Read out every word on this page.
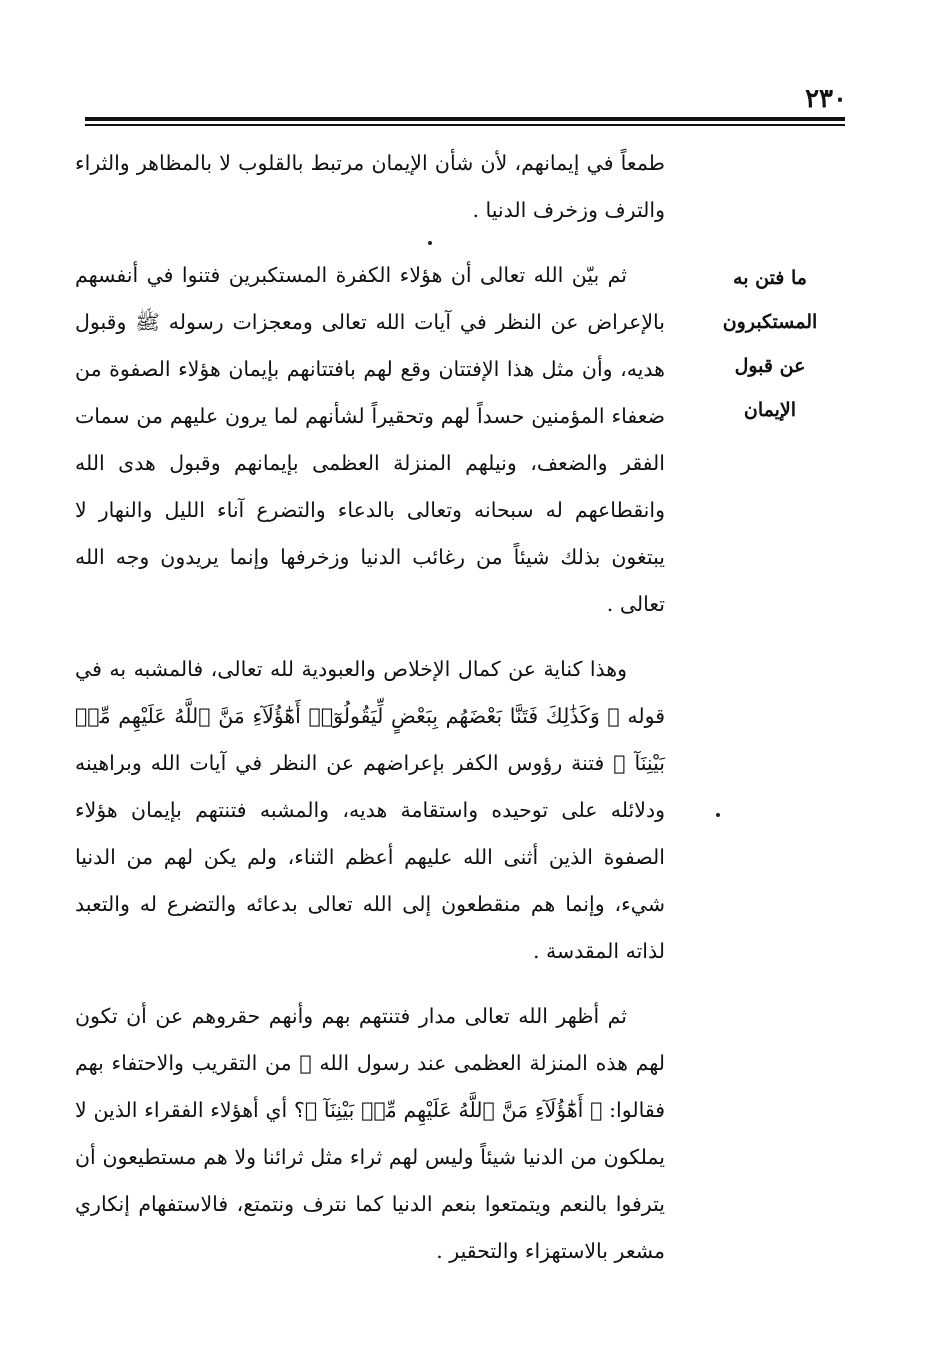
٢٣٠
ما فتن به
المستكبرون
عن قبول
الإيمان

طمعاً في إيمانهم، لأن شأن الإيمان مرتبط بالقلوب لا بالمظاهر والثراء والترف وزخرف الدنيا .

ثم بيّن الله تعالى أن هؤلاء الكفرة المستكبرين فتنوا في أنفسهم بالإعراض عن النظر في آيات الله تعالى ومعجزات رسوله ﷺ وقبول هديه، وأن مثل هذا الإفتتان وقع لهم بافتتانهم بإيمان هؤلاء الصفوة من ضعفاء المؤمنين حسداً لهم وتحقيراً لشأنهم لما يرون عليهم من سمات الفقر والضعف، ونيلهم المنزلة العظمى بإيمانهم وقبول هدى الله وانقطاعهم له سبحانه وتعالى بالدعاء والتضرع آناء الليل والنهار لا يبتغون بذلك شيئاً من رغائب الدنيا وزخرفها وإنما يريدون وجه الله تعالى .

وهذا كناية عن كمال الإخلاص والعبودية لله تعالى، فالمشبه به في قوله ﴿ وَكَذَٰلِكَ فَتَنَّا بَعْضَهُم بِبَعْضٍ لِّيَقُولُوٓا۟ أَهَٰٓؤُلَآءِ مَنَّ ٱللَّهُ عَلَيْهِم مِّنۢ بَيْنِنَآ ﴾ فتنة رؤوس الكفر بإعراضهم عن النظر في آيات الله وبراهينه ودلائله على توحيده واستقامة هديه، والمشبه فتنتهم بإيمان هؤلاء الصفوة الذين أثنى الله عليهم أعظم الثناء، ولم يكن لهم من الدنيا شيء، وإنما هم منقطعون إلى الله تعالى بدعائه والتضرع له والتعبد لذاته المقدسة .

ثم أظهر الله تعالى مدار فتنتهم بهم وأنهم حقروهم عن أن تكون لهم هذه المنزلة العظمى عند رسول الله ﷺ من التقريب والاحتفاء بهم فقالوا: ﴿ أَهَٰٓؤُلَآءِ مَنَّ ٱللَّهُ عَلَيْهِم مِّنۢ بَيْنِنَآ ﴾؟ أي أهؤلاء الفقراء الذين لا يملكون من الدنيا شيئاً وليس لهم ثراء مثل ثرائنا ولا هم مستطيعون أن يترفوا بالنعم ويتمتعوا بنعم الدنيا كما نترف ونتمتع، فالاستفهام إنكاري مشعر بالاستهزاء والتحقير .
